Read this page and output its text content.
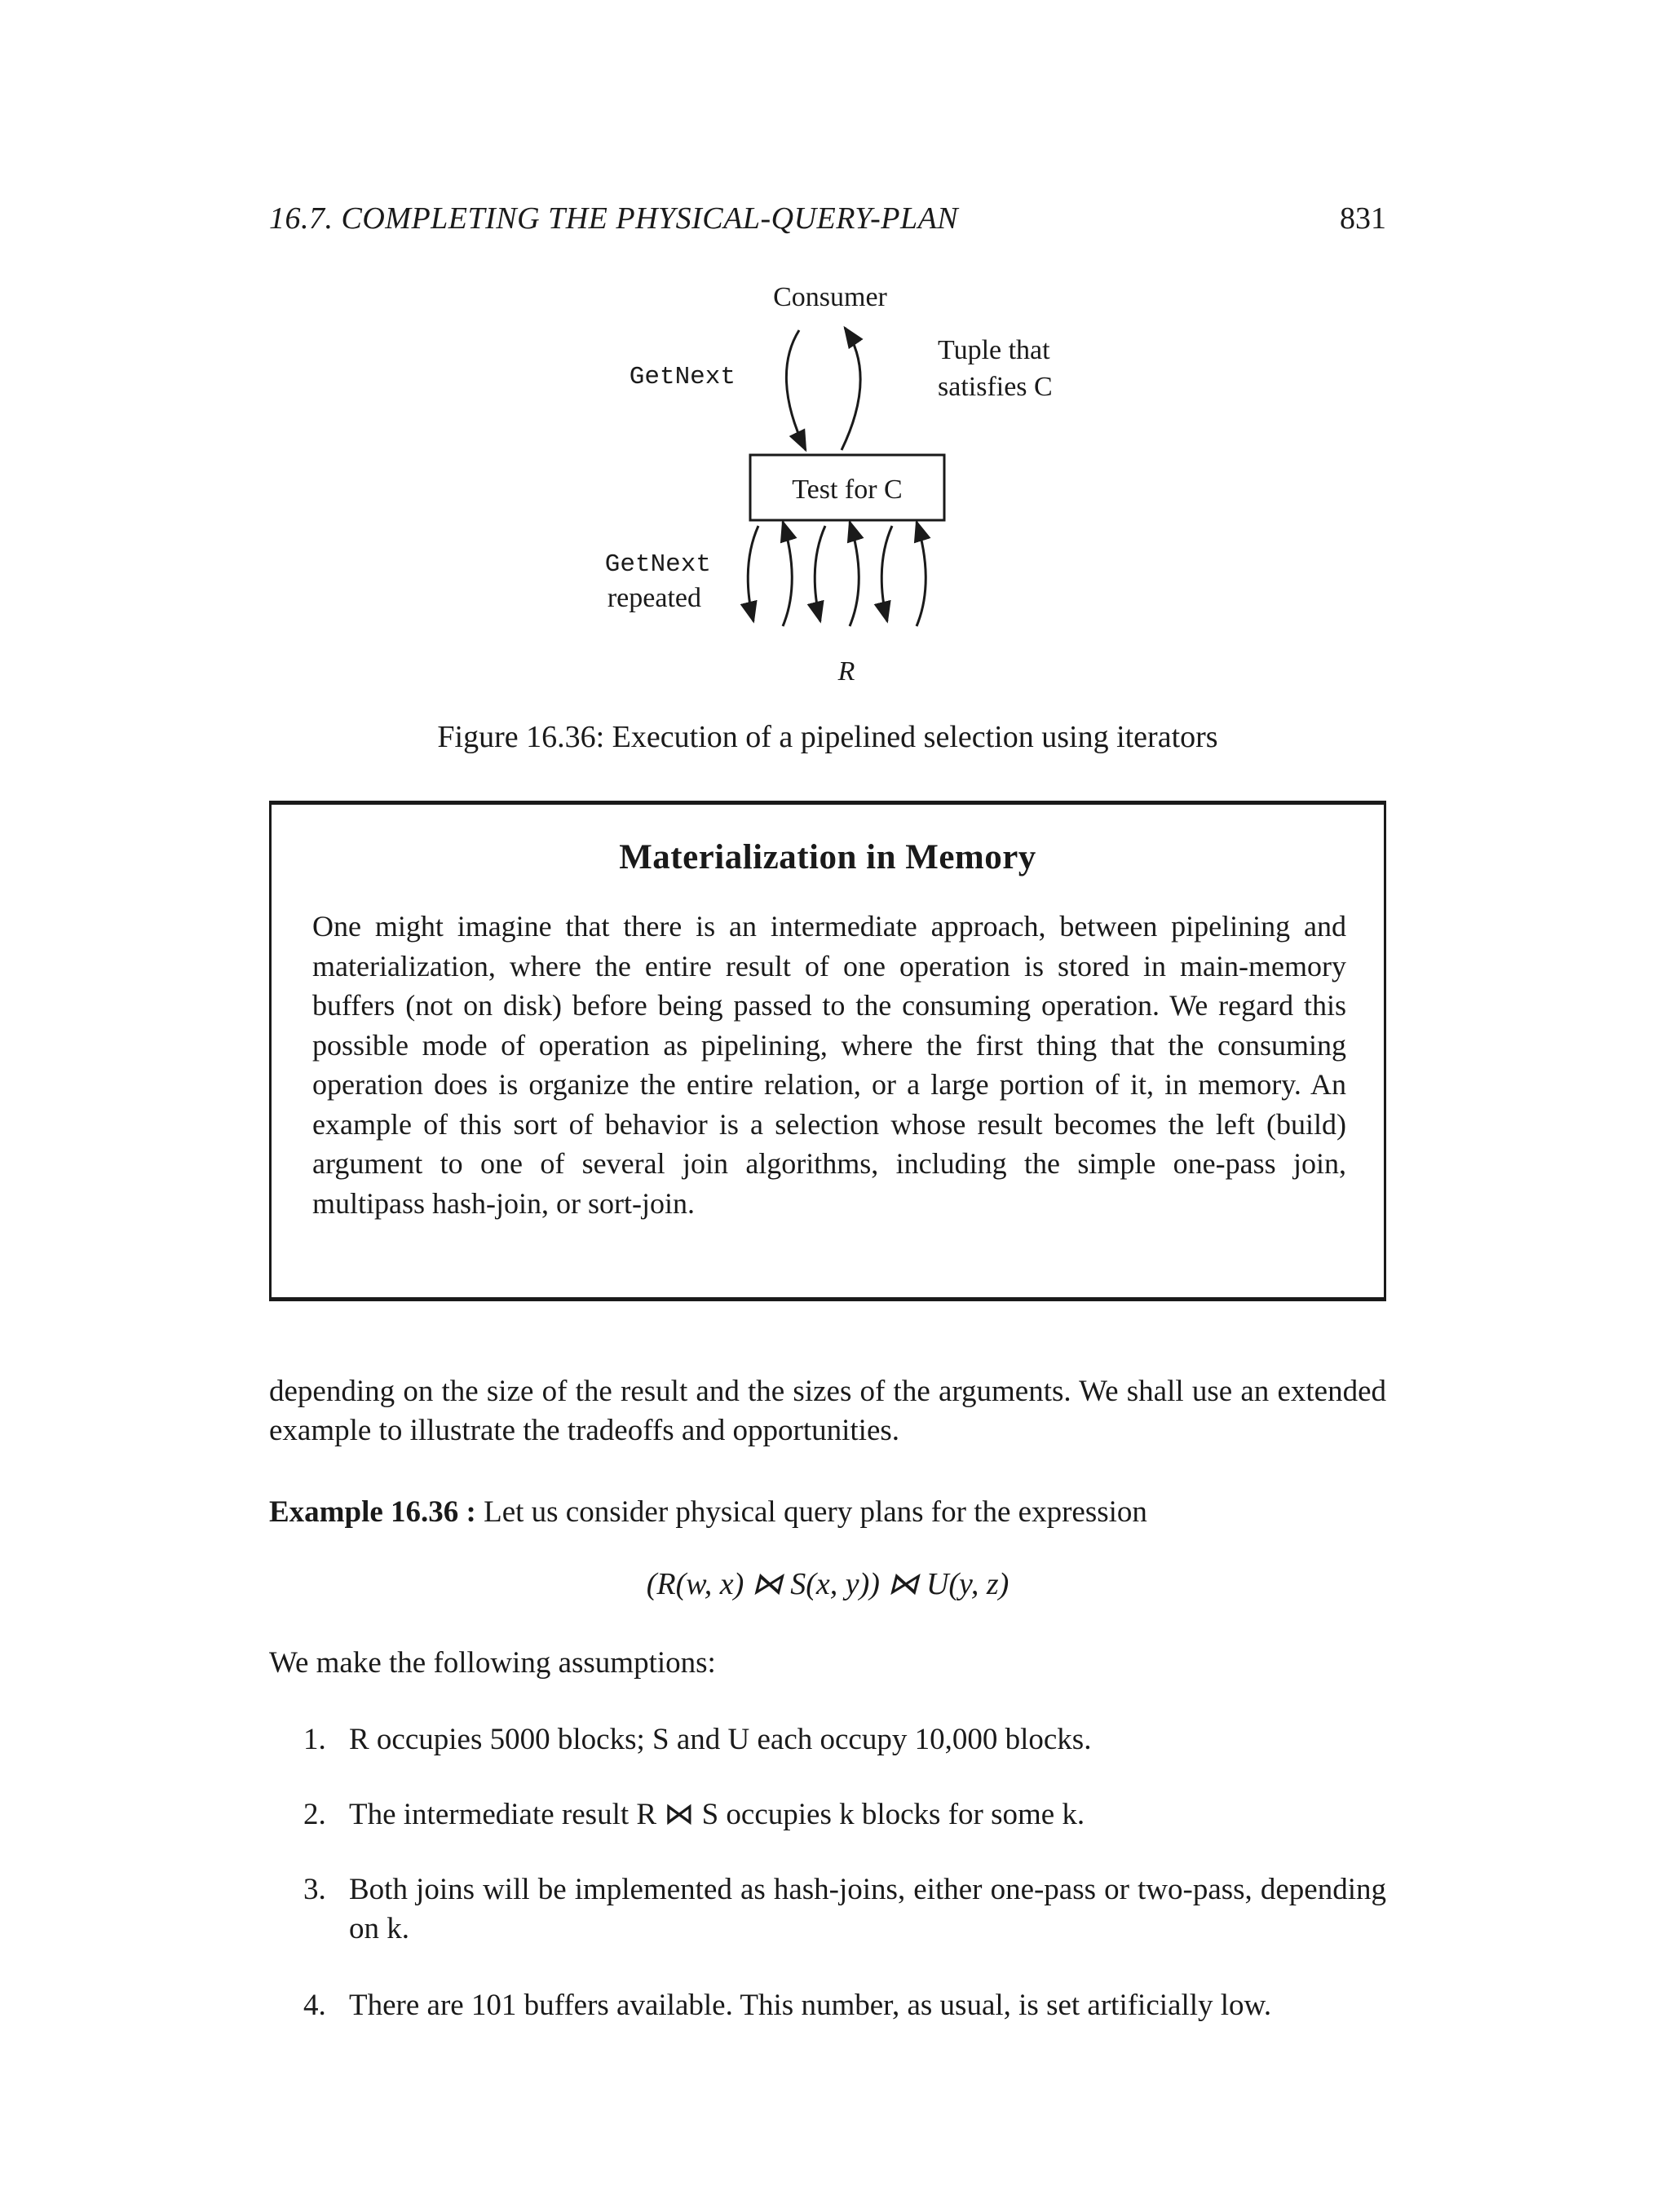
16.7. COMPLETING THE PHYSICAL-QUERY-PLAN	831
Consumer
GetNext
Tuple that
satisfies C
Test for C
GetNext
repeated
R
Figure 16.36: Execution of a pipelined selection using iterators
Materialization in Memory

One might imagine that there is an intermediate approach, between pipelining and materialization, where the entire result of one operation is stored in main-memory buffers (not on disk) before being passed to the consuming operation. We regard this possible mode of operation as pipelining, where the first thing that the consuming operation does is organize the entire relation, or a large portion of it, in memory. An example of this sort of behavior is a selection whose result becomes the left (build) argument to one of several join algorithms, including the simple one-pass join, multipass hash-join, or sort-join.

depending on the size of the result and the sizes of the arguments. We shall use an extended example to illustrate the tradeoffs and opportunities.

Example 16.36 : Let us consider physical query plans for the expression

(R(w, x) ⋈ S(x, y)) ⋈ U(y, z)

We make the following assumptions:

1. R occupies 5000 blocks; S and U each occupy 10,000 blocks.
2. The intermediate result R ⋈ S occupies k blocks for some k.
3. Both joins will be implemented as hash-joins, either one-pass or two-pass, depending on k.
4. There are 101 buffers available. This number, as usual, is set artificially low.
